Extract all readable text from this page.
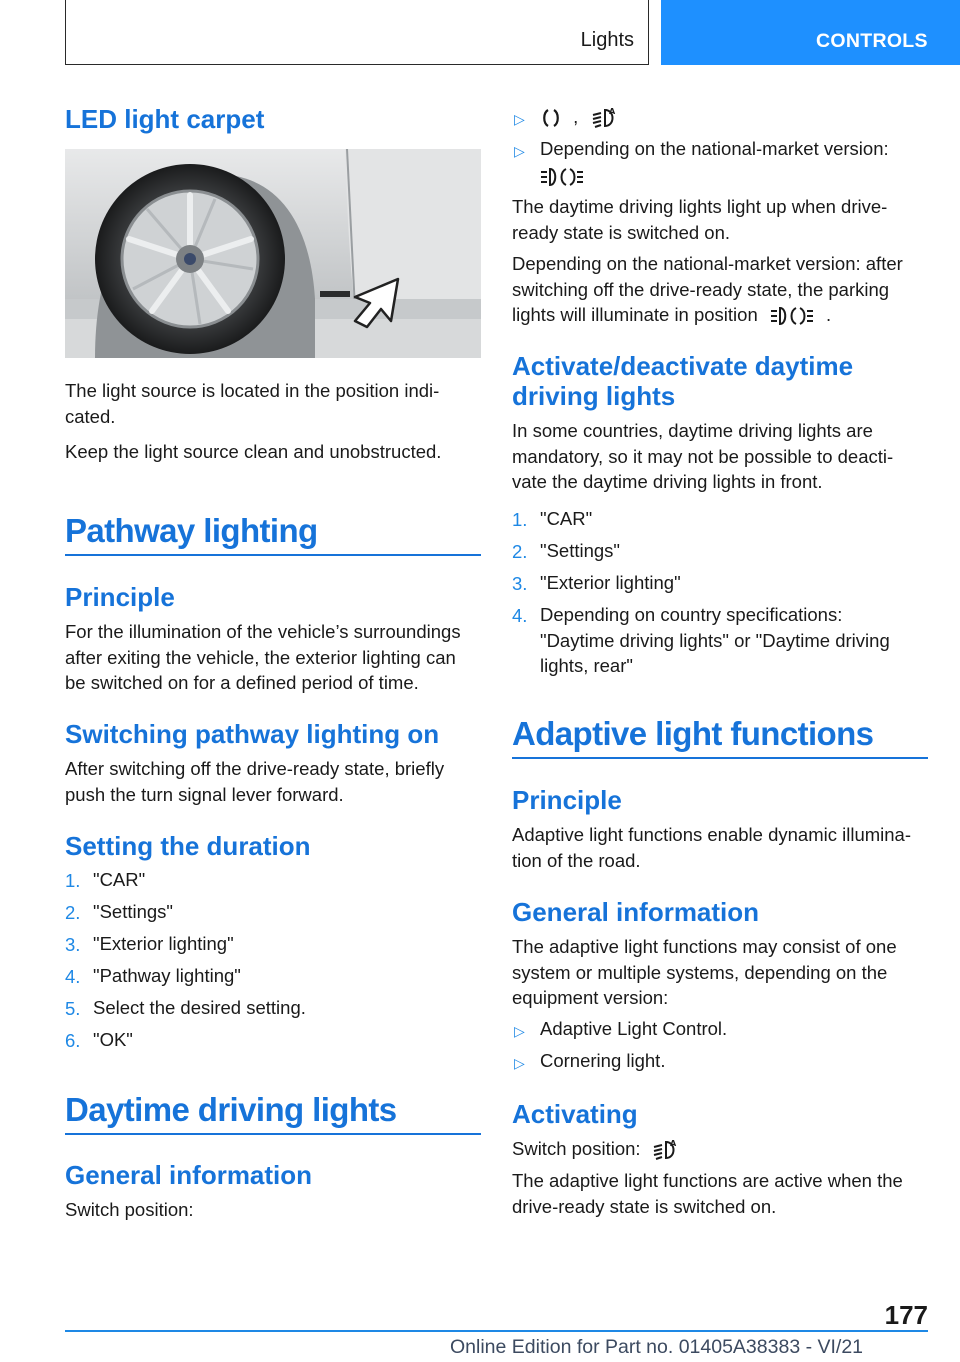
Lights	CONTROLS
LED light carpet
The light source is located in the position indi-cated.
Keep the light source clean and unobstructed.
Pathway lighting
Principle
For the illumination of the vehicle’s surroundings after exiting the vehicle, the exterior lighting can be switched on for a defined period of time.
Switching pathway lighting on
After switching off the drive-ready state, briefly push the turn signal lever forward.
Setting the duration
1. "CAR"
2. "Settings"
3. "Exterior lighting"
4. "Pathway lighting"
5. Select the desired setting.
6. "OK"
Daytime driving lights
General information
Switch position:
▷	,	A
▷ Depending on the national-market version:

The daytime driving lights light up when drive-ready state is switched on.
Depending on the national-market version: after switching off the drive-ready state, the parking lights will illuminate in position	.
Activate/deactivate daytime driving lights
In some countries, daytime driving lights are mandatory, so it may not be possible to deacti-vate the daytime driving lights in front.
1. "CAR"
2. "Settings"
3. "Exterior lighting"
4. Depending on country specifications: "Daytime driving lights" or "Daytime driving lights, rear"
Adaptive light functions
Principle
Adaptive light functions enable dynamic illumina-tion of the road.
General information
The adaptive light functions may consist of one system or multiple systems, depending on the equipment version:
▷ Adaptive Light Control.
▷ Cornering light.
Activating
Switch position:	A
The adaptive light functions are active when the drive-ready state is switched on.
177
Online Edition for Part no. 01405A38383 - VI/21
